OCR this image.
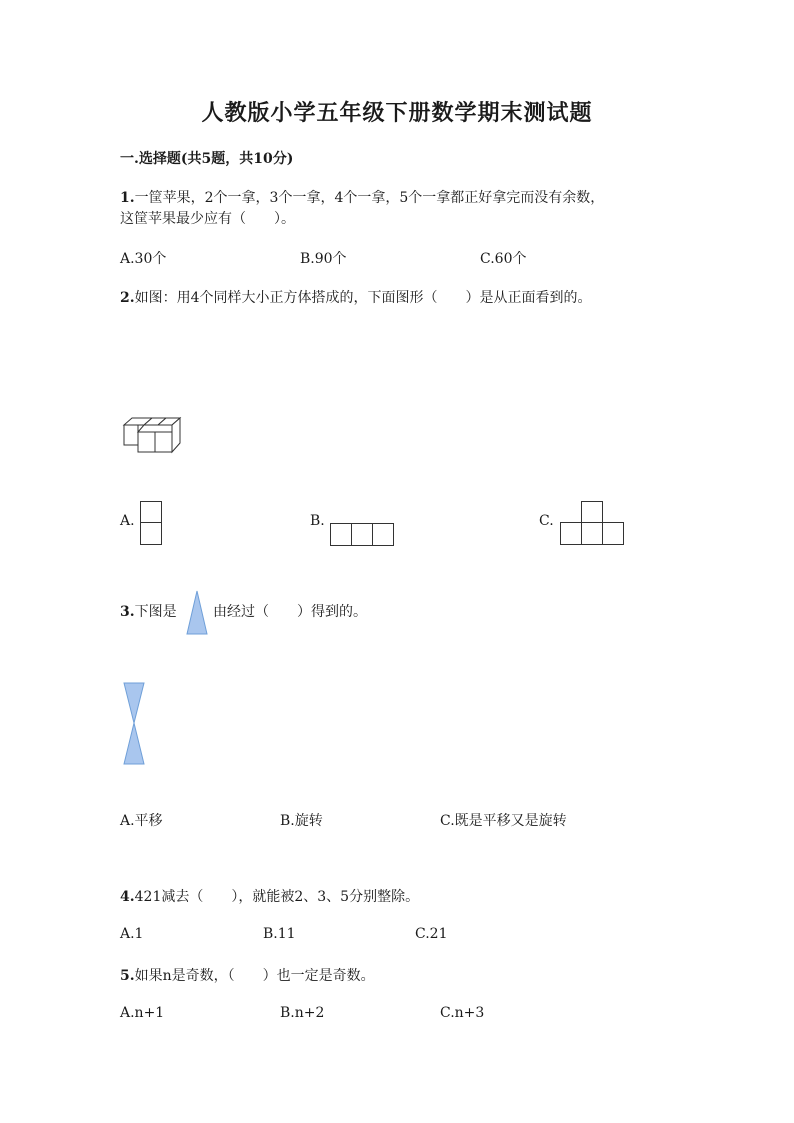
人教版小学五年级下册数学期末测试题
一.选择题(共5题，共10分)
1.一筐苹果，2个一拿，3个一拿，4个一拿，5个一拿都正好拿完而没有余数，
这筐苹果最少应有（　　）。
A.30个	B.90个	C.60个
2.如图：用4个同样大小正方体搭成的，下面图形（　　）是从正面看到的。
A.	B.	C.
3.下图是	由经过（　　）得到的。
A.平移	B.旋转	C.既是平移又是旋转
4.421减去（　　），就能被2、3、5分别整除。
A.1	B.11	C.21
5.如果n是奇数，（　　）也一定是奇数。
A.n+1	B.n+2	C.n+3
